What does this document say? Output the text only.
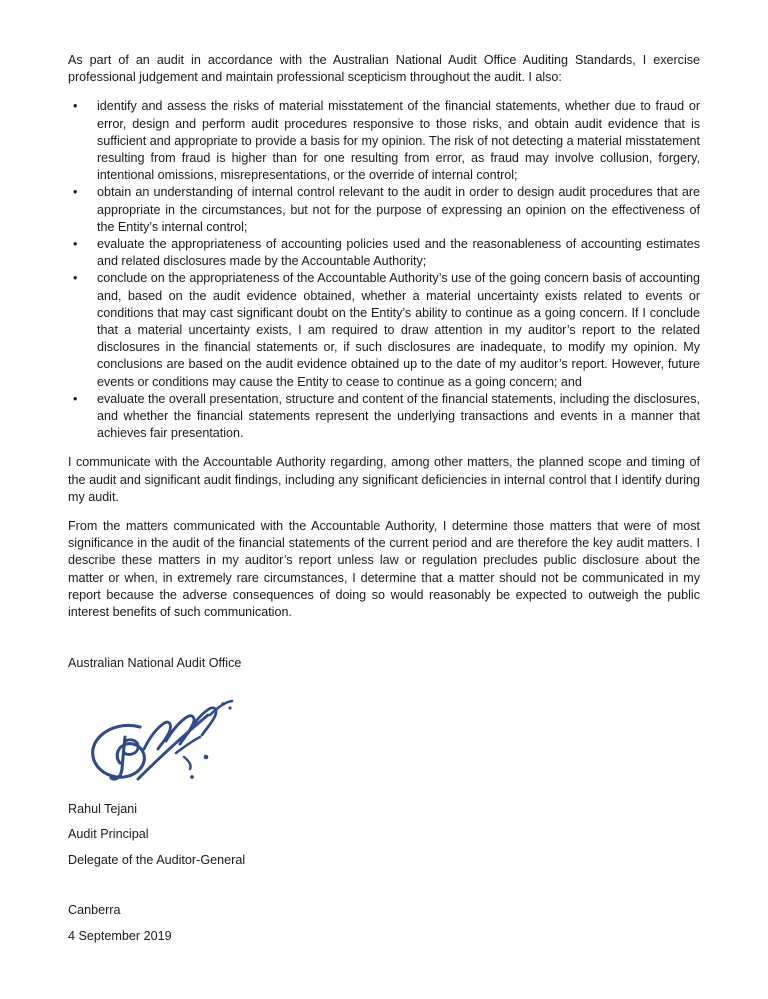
As part of an audit in accordance with the Australian National Audit Office Auditing Standards, I exercise professional judgement and maintain professional scepticism throughout the audit. I also:

• identify and assess the risks of material misstatement of the financial statements, whether due to fraud or error, design and perform audit procedures responsive to those risks, and obtain audit evidence that is sufficient and appropriate to provide a basis for my opinion. The risk of not detecting a material misstatement resulting from fraud is higher than for one resulting from error, as fraud may involve collusion, forgery, intentional omissions, misrepresentations, or the override of internal control;
• obtain an understanding of internal control relevant to the audit in order to design audit procedures that are appropriate in the circumstances, but not for the purpose of expressing an opinion on the effectiveness of the Entity’s internal control;
• evaluate the appropriateness of accounting policies used and the reasonableness of accounting estimates and related disclosures made by the Accountable Authority;
• conclude on the appropriateness of the Accountable Authority’s use of the going concern basis of accounting and, based on the audit evidence obtained, whether a material uncertainty exists related to events or conditions that may cast significant doubt on the Entity’s ability to continue as a going concern. If I conclude that a material uncertainty exists, I am required to draw attention in my auditor’s report to the related disclosures in the financial statements or, if such disclosures are inadequate, to modify my opinion. My conclusions are based on the audit evidence obtained up to the date of my auditor’s report. However, future events or conditions may cause the Entity to cease to continue as a going concern; and
• evaluate the overall presentation, structure and content of the financial statements, including the disclosures, and whether the financial statements represent the underlying transactions and events in a manner that achieves fair presentation.

I communicate with the Accountable Authority regarding, among other matters, the planned scope and timing of the audit and significant audit findings, including any significant deficiencies in internal control that I identify during my audit.

From the matters communicated with the Accountable Authority, I determine those matters that were of most significance in the audit of the financial statements of the current period and are therefore the key audit matters. I describe these matters in my auditor’s report unless law or regulation precludes public disclosure about the matter or when, in extremely rare circumstances, I determine that a matter should not be communicated in my report because the adverse consequences of doing so would reasonably be expected to outweigh the public interest benefits of such communication.

Australian National Audit Office
Rahul Tejani
Audit Principal
Delegate of the Auditor-General
Canberra
4 September 2019
